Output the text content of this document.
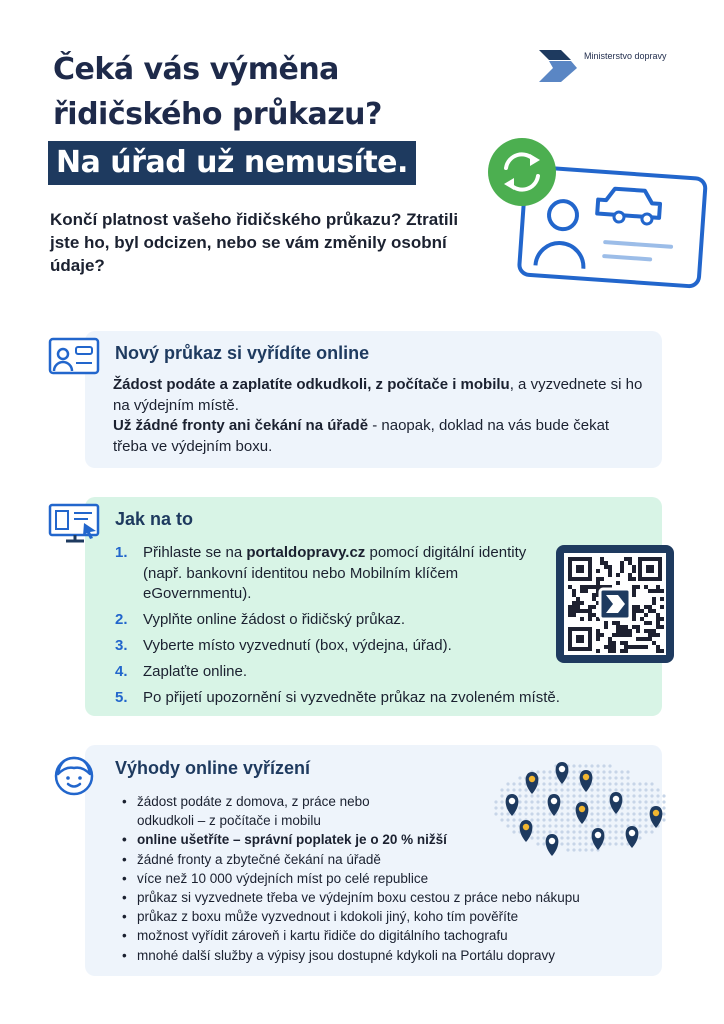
Čeká vás výměna
řidičského průkazu?
Na úřad už nemusíte.
Ministerstvo dopravy
Končí platnost vašeho řidičského průkazu? Ztratili jste ho, byl odcizen, nebo se vám změnily osobní údaje?
Nový průkaz si vyřídíte online
Žádost podáte a zaplatíte odkudkoli, z počítače i mobilu, a vyzvednete si ho na výdejním místě.
Už žádné fronty ani čekání na úřadě - naopak, doklad na vás bude čekat třeba ve výdejním boxu.
Jak na to
1. Přihlaste se na portaldopravy.cz pomocí digitální identity (např. bankovní identitou nebo Mobilním klíčem eGovernmentu).
2. Vyplňte online žádost o řidičský průkaz.
3. Vyberte místo vyzvednutí (box, výdejna, úřad).
4. Zaplaťte online.
5. Po přijetí upozornění si vyzvedněte průkaz na zvoleném místě.
Výhody online vyřízení
• žádost podáte z domova, z práce nebo odkudkoli – z počítače i mobilu
• online ušetříte – správní poplatek je o 20 % nižší
• žádné fronty a zbytečné čekání na úřadě
• více než 10 000 výdejních míst po celé republice
• průkaz si vyzvednete třeba ve výdejním boxu cestou z práce nebo nákupu
• průkaz z boxu může vyzvednout i kdokoli jiný, koho tím pověříte
• možnost vyřídit zároveň i kartu řidiče do digitálního tachografu
• mnohé další služby a výpisy jsou dostupné kdykoli na Portálu dopravy
